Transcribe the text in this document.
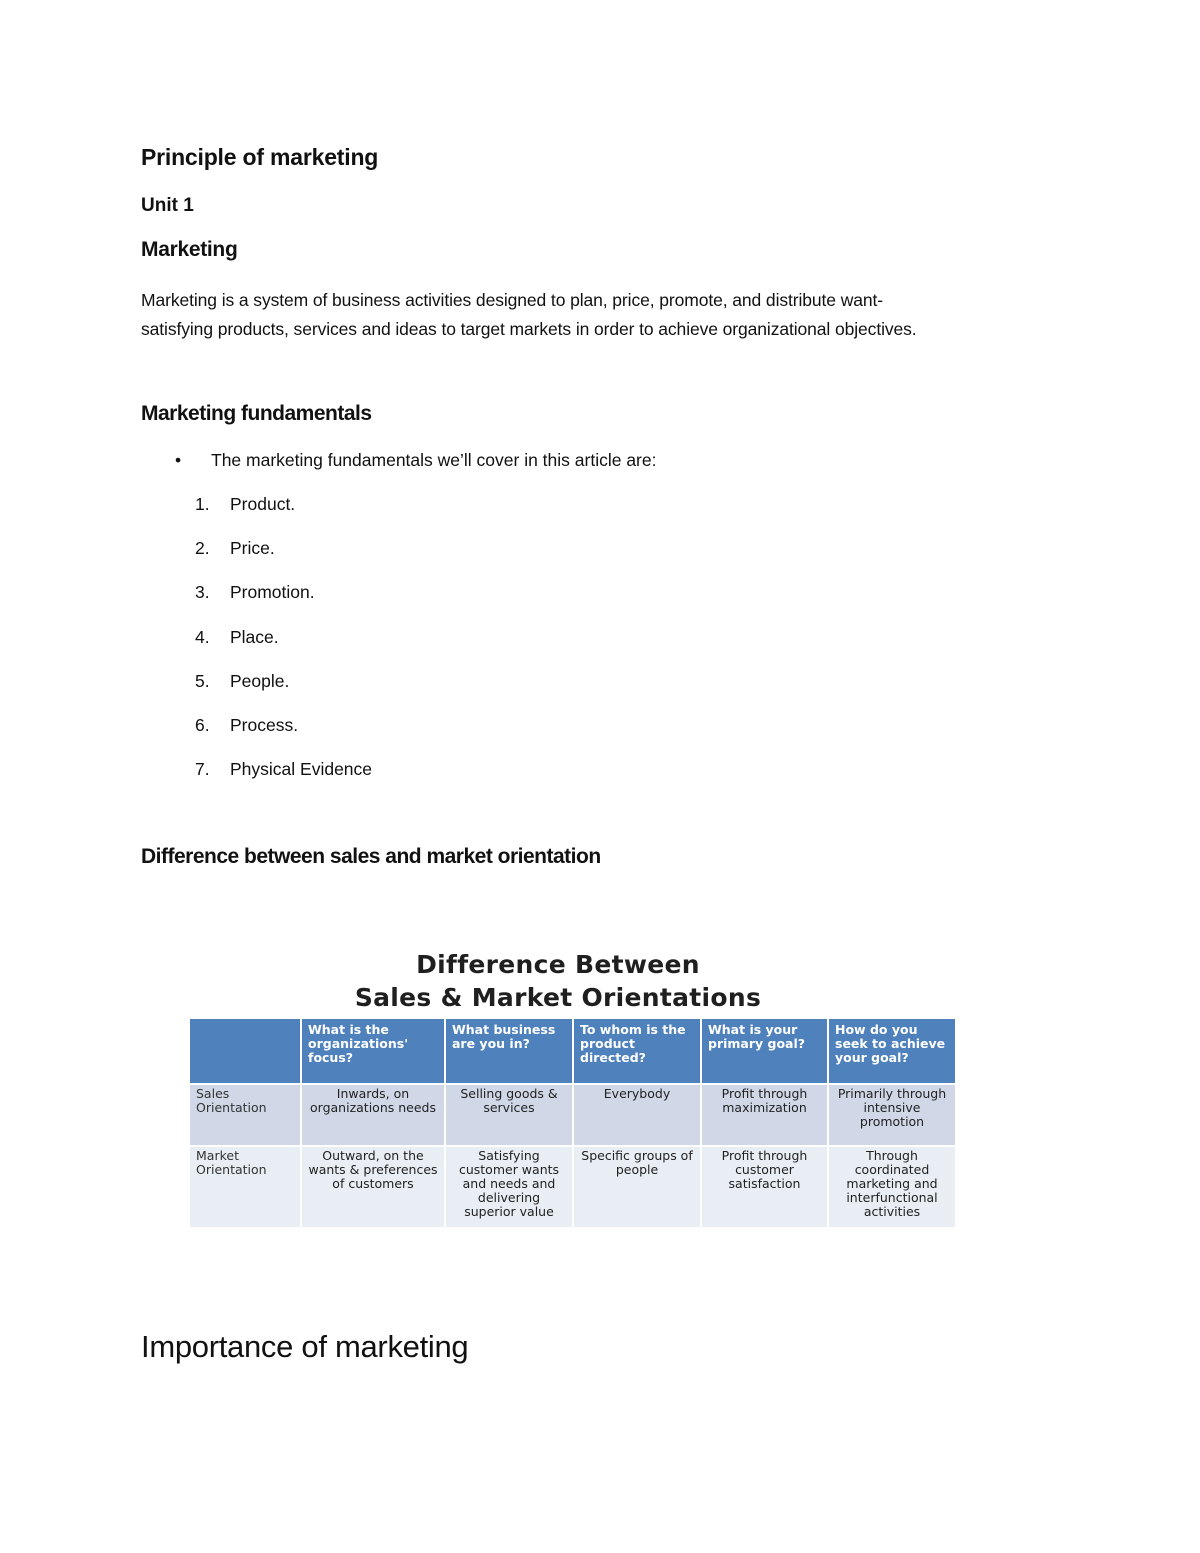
Principle of marketing
Unit 1
Marketing

Marketing is a system of business activities designed to plan, price, promote, and distribute want-
satisfying products, services and ideas to target markets in order to achieve organizational objectives.

Marketing fundamentals
• The marketing fundamentals we’ll cover in this article are:
1.	Product.
2.	Price.
3.	Promotion.
4.	Place.
5.	People.
6.	Process.
7.	Physical Evidence
Difference between sales and market orientation
Difference Between
Sales & Market Orientations
	What is the organizations' focus?	What business are you in?	To whom is the product directed?	What is your primary goal?	How do you seek to achieve your goal?
Sales Orientation	Inwards, on organizations needs	Selling goods & services	Everybody	Profit through maximization	Primarily through intensive promotion
Market Orientation	Outward, on the wants & preferences of customers	Satisfying customer wants and needs and delivering superior value	Specific groups of people	Profit through customer satisfaction	Through coordinated marketing and interfunctional activities
Importance of marketing
